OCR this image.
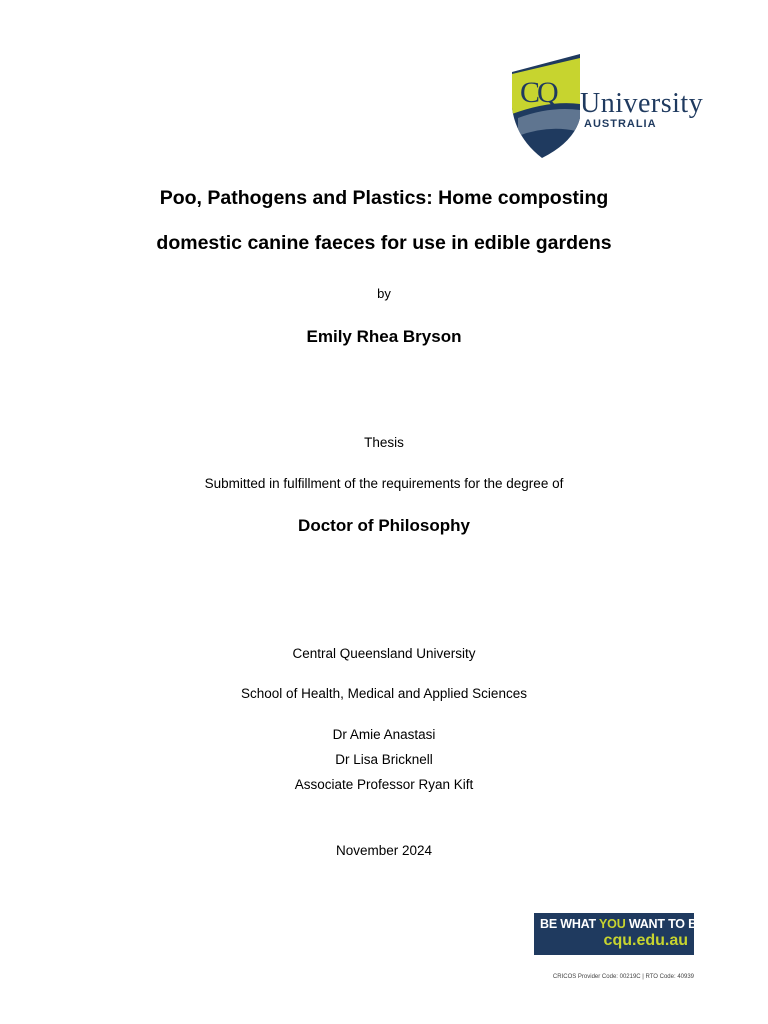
CQ University
AUSTRALIA
Poo, Pathogens and Plastics: Home composting
domestic canine faeces for use in edible gardens
by
Emily Rhea Bryson
Thesis
Submitted in fulfillment of the requirements for the degree of
Doctor of Philosophy
Central Queensland University
School of Health, Medical and Applied Sciences
Dr Amie Anastasi
Dr Lisa Bricknell
Associate Professor Ryan Kift
November 2024
BE WHAT YOU WANT TO BE
cqu.edu.au
CRICOS Provider Code: 00219C | RTO Code: 40939
